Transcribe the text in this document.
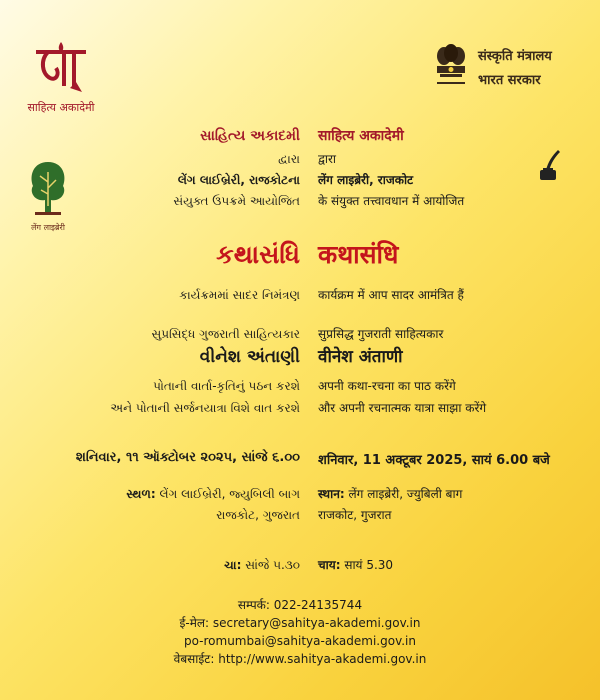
साहित्य अकादेमी
संस्कृति मंत्रालय
भारत सरकार
लेंग लाइब्रेरी
સાહિત્ય અકાદમી
દ્વારા
લેંગ લાઈબ્રેરી, રાજકોટના
સંયુક્ત ઉપક્રમે આયોજિત
કથાસંધિ
કાર્યક્રમમાં સાદર નિમંત્રણ
સુપ્રસિદ્ધ ગુજરાતી સાહિત્યકાર
વીનેશ અંતાણી
પોતાની વાર્તા-કૃતિનું પઠન કરશે
અને પોતાની સર્જનયાત્રા વિશે વાત કરશે
શનિવાર, ૧૧ ઑક્ટોબર ૨૦૨૫, સાંજે ૬.૦૦
સ્થળ: લેંગ લાઈબ્રેરી, જ્યુબિલી બાગ
રાજકોટ, ગુજરાત
ચા: સાંજે ૫.૩૦
साहित्य अकादेमी
द्वारा
लेंग लाइब्रेरी, राजकोट
के संयुक्त तत्त्वावधान में आयोजित
कथासंधि
कार्यक्रम में आप सादर आमंत्रित हैं
सुप्रसिद्ध गुजराती साहित्यकार
वीनेश अंताणी
अपनी कथा-रचना का पाठ करेंगे
और अपनी रचनात्मक यात्रा साझा करेंगे
शनिवार, 11 अक्टूबर 2025, सायं 6.00 बजे
स्थान: लेंग लाइब्रेरी, ज्युबिली बाग
राजकोट, गुजरात
चाय: सायं 5.30
सम्पर्क: 022-24135744
ई-मेल: secretary@sahitya-akademi.gov.in
po-romumbai@sahitya-akademi.gov.in
वेबसाईट: http://www.sahitya-akademi.gov.in
